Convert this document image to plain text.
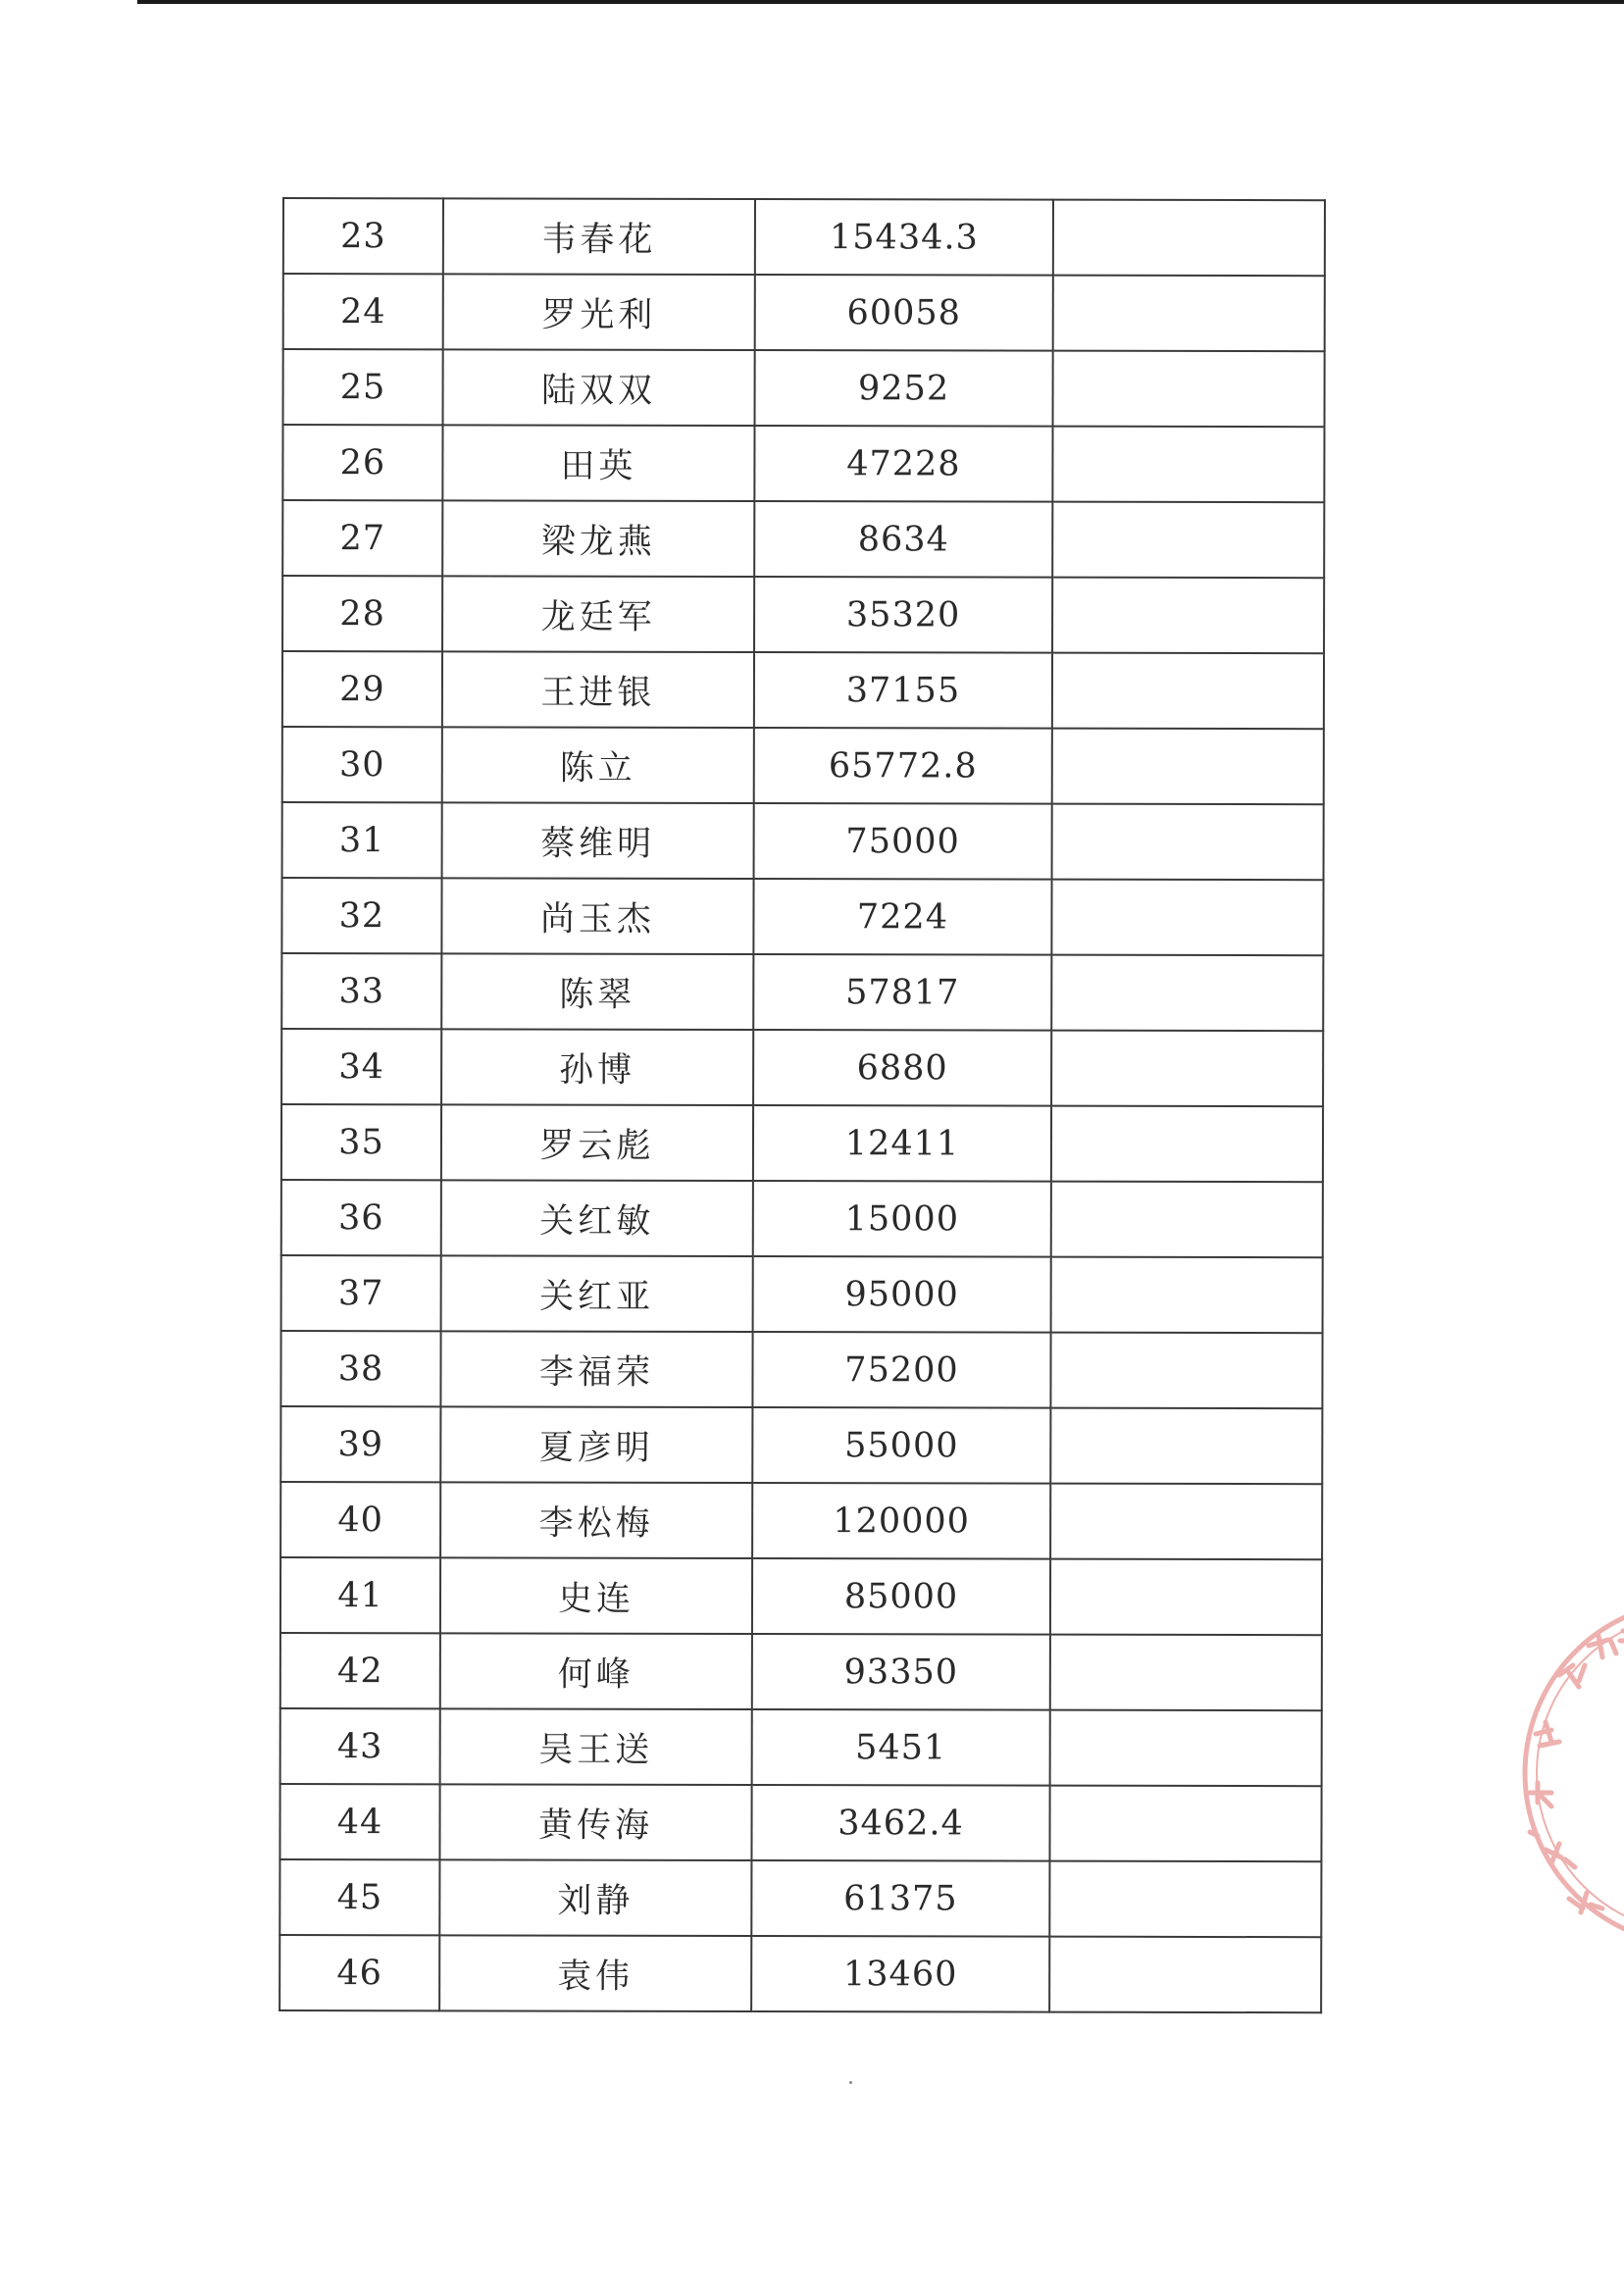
23	韦春花	15434.3	
24	罗光利	60058	
25	陆双双	9252	
26	田英	47228	
27	梁龙燕	8634	
28	龙廷军	35320	
29	王进银	37155	
30	陈立	65772.8	
31	蔡维明	75000	
32	尚玉杰	7224	
33	陈翠	57817	
34	孙博	6880	
35	罗云彪	12411	
36	关红敏	15000	
37	关红亚	95000	
38	李福荣	75200	
39	夏彦明	55000	
40	李松梅	120000	
41	史连	85000	
42	何峰	93350	
43	吴王送	5451	
44	黄传海	3462.4	
45	刘静	61375	
46	袁伟	13460	
